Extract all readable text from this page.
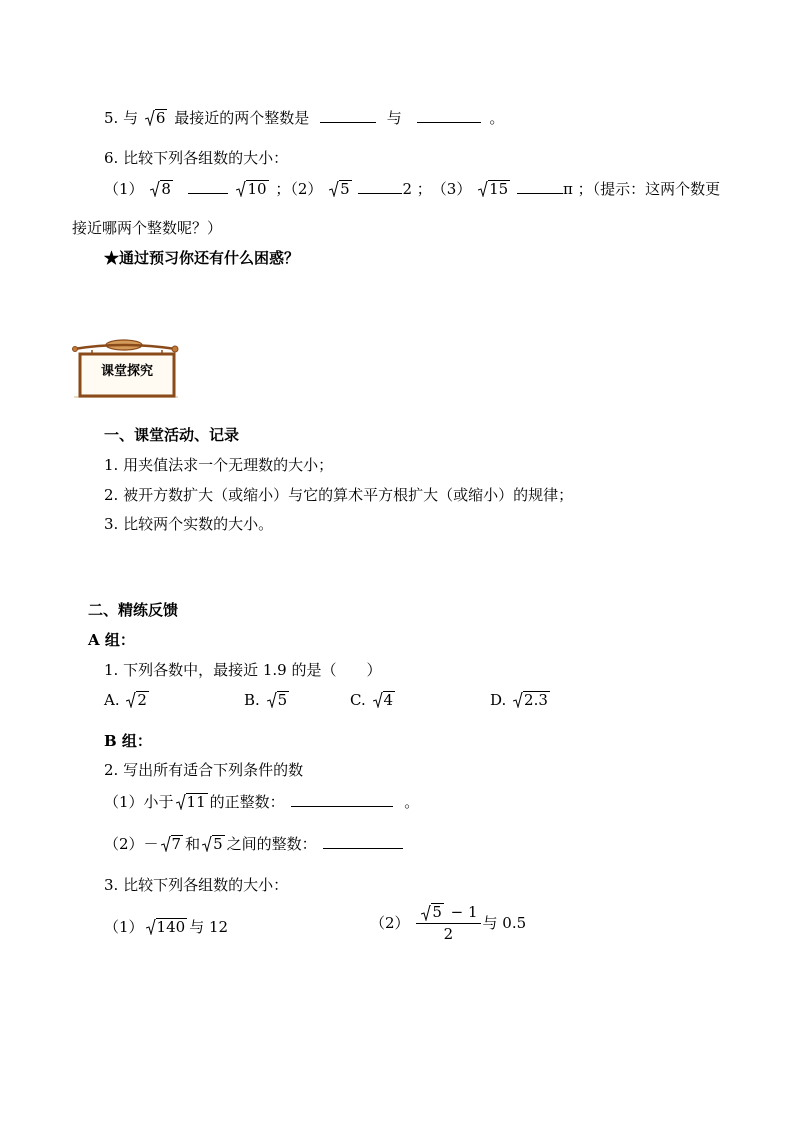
5. 与 6 最接近的两个整数是	与	。
6. 比较下列各组数的大小：
（1） 8	10 ；（2） 5	2 ；　（3） 15	π ；（提示：这两个数更
接近哪两个整数呢？）
★通过预习你还有什么困惑？
课堂探究
一、课堂活动、记录
1. 用夹值法求一个无理数的大小；
2. 被开方数扩大（或缩小）与它的算术平方根扩大（或缩小）的规律；
3. 比较两个实数的大小。
二、精练反馈
A 组：
1. 下列各数中，最接近 1.9 的是（　　）
A. 2	B. 5	C. 4	D. 2.3
B 组：
2. 写出所有适合下列条件的数
（1）小于 11 的正整数：	。
（2）－ 7 和 5 之间的整数：
3. 比较下列各组数的大小：
（1） 140 与 12	$(2) \frac{5 - 1}{2}$ 与 0.5
